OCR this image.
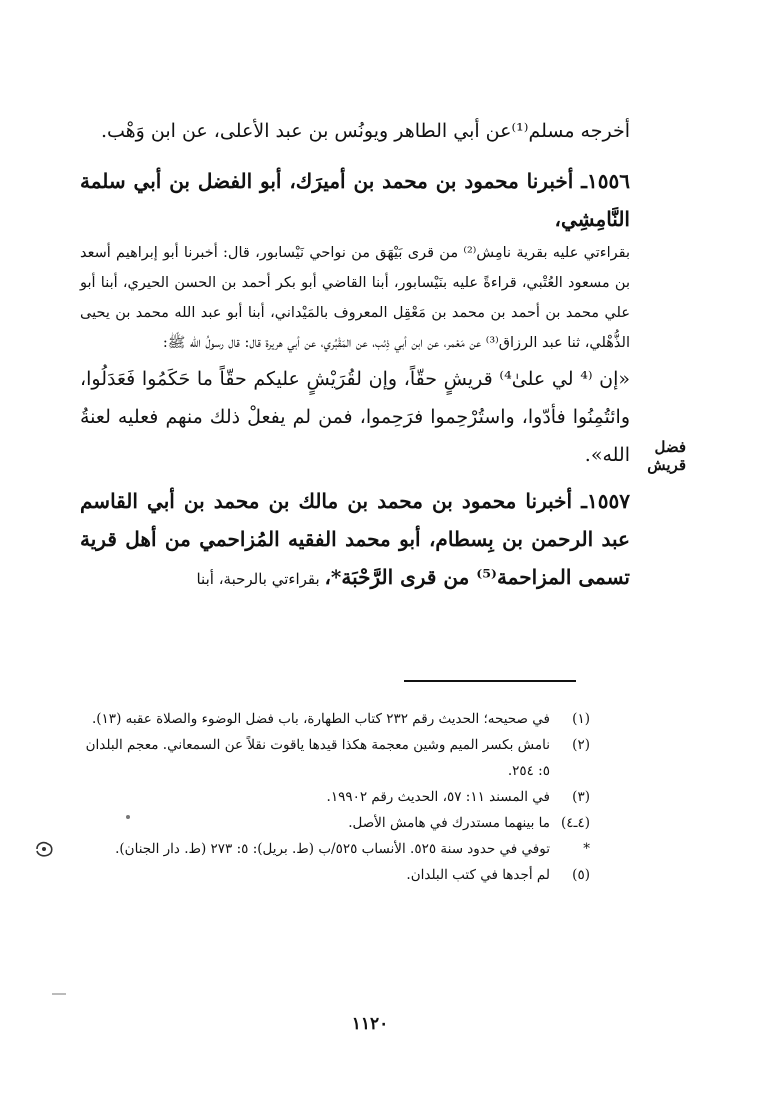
أخرجه مسلم⁽¹⁾عن أبي الطاهر ويونُس بن عبد الأعلى، عن ابن وَهْب.

١٥٥٦ـ أخبرنا محمود بن محمد بن أميرَك، أبو الفضل بن أبي سلمة النَّامِشِي،

بقراءتي عليه بقرية نامِش⁽²⁾ من قرى بَيْهَق من نواحي نَيْسابور، قال: أخبرنا أبو إبراهيم أسعد بن مسعود العُتْبي، قراءةً عليه بنَيْسابور، أبنا القاضي أبو بكر أحمد بن الحسن الحيري، أبنا أبو علي محمد بن أحمد بن محمد بن مَعْقِل المعروف بالمَيْداني، أبنا أبو عبد الله محمد بن يحيى الذُّهْلي، ثنا عبد الرزاق⁽³⁾ عن مَعْمر، عن ابن أبي ذِئب، عن المَقْبُري، عن أبي هريرة قال: قال رسولُ الله ﷺ:

«إن ⁽⁴ لي علىٰ⁴⁾ قريشٍ حقّاً، وإن لقُرَيْشٍ عليكم حقّاً ما حَكَمُوا فَعَدَلُوا، وائتُمِنُوا فأدّوا، واستُرْحِموا فرَحِموا، فمن لم يفعلْ ذلك منهم فعليه لعنةُ الله».

١٥٥٧ـ أخبرنا محمود بن محمد بن مالك بن محمد بن أبي القاسم عبد الرحمن بن بِسطام، أبو محمد الفقيه المُزاحمي من أهل قرية تسمى المزاحمة⁽⁵⁾ من قرى الرَّحْبَة*، بقراءتي بالرحبة، أبنا

فضل قريش
(١)
في صحيحه؛ الحديث رقم ٢٣٢ كتاب الطهارة، باب فضل الوضوء والصلاة عقبه (١٣).
(٢)
نامش بكسر الميم وشين معجمة هكذا قيدها ياقوت نقلاً عن السمعاني. معجم البلدان ٥: ٢٥٤.
(٣)
في المسند ١١: ٥٧، الحديث رقم ١٩٩٠٢.
(٤ـ٤)
ما بينهما مستدرك في هامش الأصل.
*
توفي في حدود سنة ٥٢٥. الأنساب ٥٢٥/ب (ط. بريل): ٥: ٢٧٣ (ط. دار الجنان).
(٥)
لم أجدها في كتب البلدان.
١١٢٠
